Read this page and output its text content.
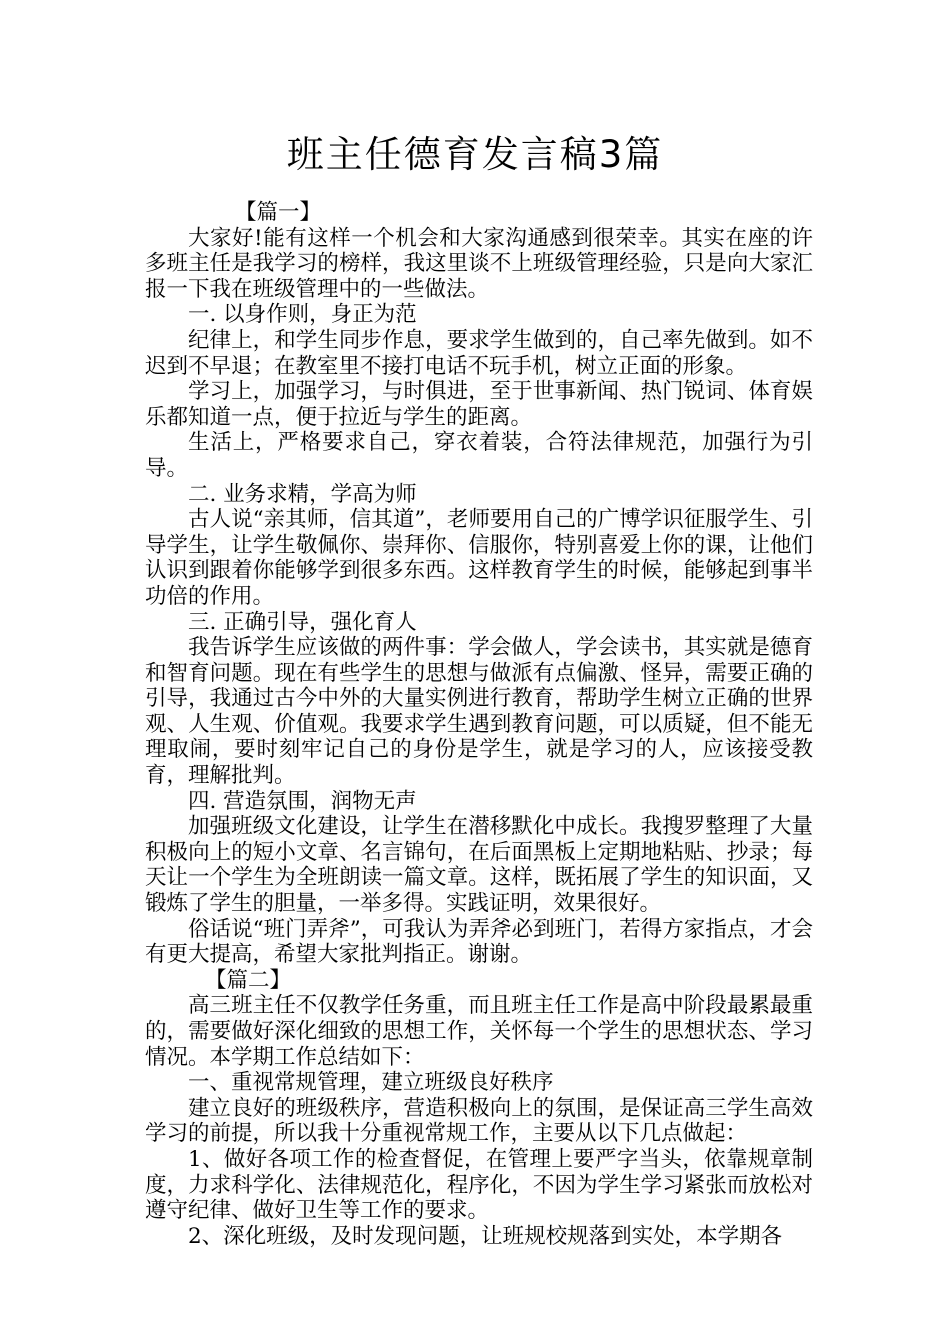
班主任德育发言稿3篇

【篇一】

大家好!能有这样一个机会和大家沟通感到很荣幸。其实在座的许多班主任是我学习的榜样，我这里谈不上班级管理经验，只是向大家汇报一下我在班级管理中的一些做法。

一. 以身作则，身正为范

纪律上，和学生同步作息，要求学生做到的，自己率先做到。如不迟到不早退；在教室里不接打电话不玩手机，树立正面的形象。

学习上，加强学习，与时俱进，至于世事新闻、热门锐词、体育娱乐都知道一点，便于拉近与学生的距离。

生活上，严格要求自己，穿衣着装，合符法律规范，加强行为引导。

二. 业务求精，学高为师

古人说“亲其师，信其道”，老师要用自己的广博学识征服学生、引导学生，让学生敬佩你、崇拜你、信服你，特别喜爱上你的课，让他们认识到跟着你能够学到很多东西。这样教育学生的时候，能够起到事半功倍的作用。

三. 正确引导，强化育人

我告诉学生应该做的两件事：学会做人，学会读书，其实就是德育和智育问题。现在有些学生的思想与做派有点偏激、怪异，需要正确的引导，我通过古今中外的大量实例进行教育，帮助学生树立正确的世界观、人生观、价值观。我要求学生遇到教育问题，可以质疑，但不能无理取闹，要时刻牢记自己的身份是学生，就是学习的人，应该接受教育，理解批判。

四. 营造氛围，润物无声

加强班级文化建设，让学生在潜移默化中成长。我搜罗整理了大量积极向上的短小文章、名言锦句，在后面黑板上定期地粘贴、抄录；每天让一个学生为全班朗读一篇文章。这样，既拓展了学生的知识面，又锻炼了学生的胆量，一举多得。实践证明，效果很好。

俗话说“班门弄斧”，可我认为弄斧必到班门，若得方家指点，才会有更大提高，希望大家批判指正。谢谢。

【篇二】

高三班主任不仅教学任务重，而且班主任工作是高中阶段最累最重的，需要做好深化细致的思想工作，关怀每一个学生的思想状态、学习情况。本学期工作总结如下：

一、重视常规管理，建立班级良好秩序

建立良好的班级秩序，营造积极向上的氛围，是保证高三学生高效学习的前提，所以我十分重视常规工作，主要从以下几点做起：

1、做好各项工作的检查督促，在管理上要严字当头，依靠规章制度，力求科学化、法律规范化，程序化，不因为学生学习紧张而放松对遵守纪律、做好卫生等工作的要求。

2、深化班级，及时发现问题，让班规校规落到实处，本学期各
